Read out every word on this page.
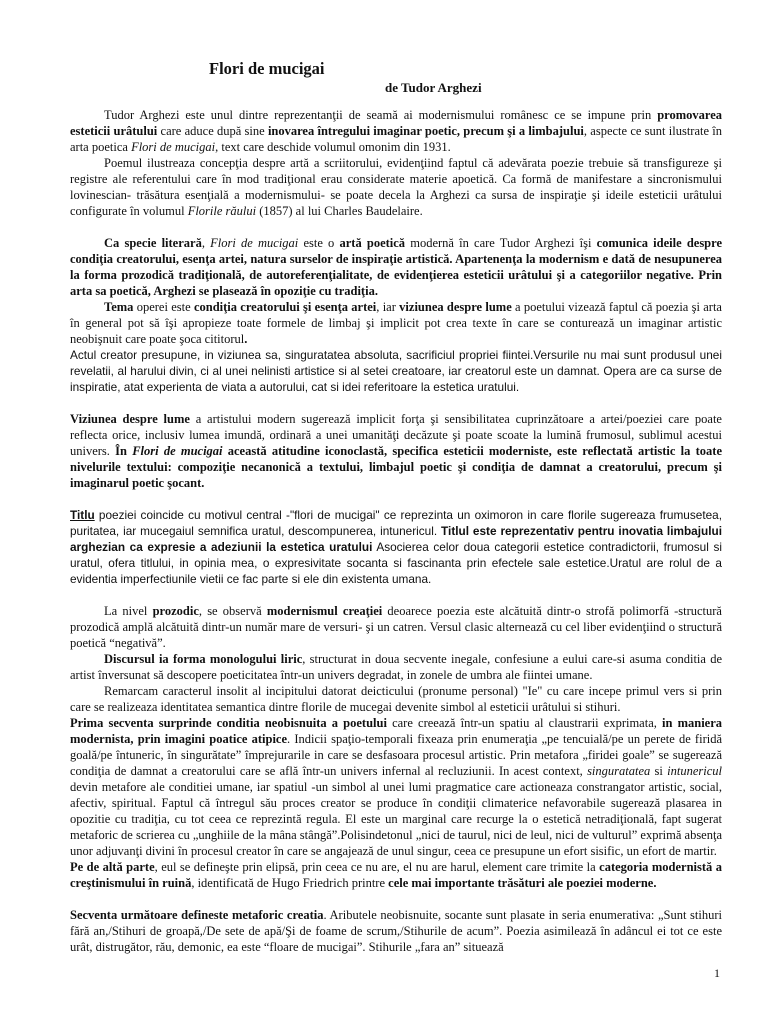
Flori de mucigai

de Tudor Arghezi

Tudor Arghezi este unul dintre reprezentanţii de seamă ai modernismului românesc ce se impune prin promovarea esteticii urâtului care aduce după sine inovarea întregului imaginar poetic, precum şi a limbajului, aspecte ce sunt ilustrate în arta poetica Flori de mucigai, text care deschide volumul omonim din 1931.

Poemul ilustreaza concepţia despre artă a scriitorului, evidenţiind faptul că adevărata poezie trebuie să transfigureze şi registre ale referentului care în mod tradiţional erau considerate materie apoetică. Ca formă de manifestare a sincronismului lovinescian- trăsătura esenţială a modernismului- se poate decela la Arghezi ca sursa de inspiraţie şi ideile esteticii urâtului configurate în volumul Florile răului (1857) al lui Charles Baudelaire.

Ca specie literară, Flori de mucigai este o artă poetică modernă în care Tudor Arghezi îşi comunica ideile despre condiţia creatorului, esenţa artei, natura surselor de inspiraţie artistică. Apartenenţa la modernism e dată de nesupunerea la forma prozodică tradiţională, de autoreferenţialitate, de evidenţierea esteticii urâtului şi a categoriilor negative. Prin arta sa poetică, Arghezi se plasează în opoziţie cu tradiţia.

Tema operei este condiţia creatorului şi esenţa artei, iar viziunea despre lume a poetului vizează faptul că poezia şi arta în general pot să îşi apropieze toate formele de limbaj şi implicit pot crea texte în care se conturează un imaginar artistic neobişnuit care poate şoca cititorul.

Actul creator presupune, in viziunea sa, singuratatea absoluta, sacrificiul propriei fiintei.Versurile nu mai sunt produsul unei revelatii, al harului divin, ci al unei nelinisti artistice si al setei creatoare, iar creatorul este un damnat. Opera are ca surse de inspiratie, atat experienta de viata a autorului, cat si idei referitoare la estetica uratului.

Viziunea despre lume a artistului modern sugerează implicit forţa şi sensibilitatea cuprinzătoare a artei/poeziei care poate reflecta orice, inclusiv lumea imundă, ordinară a unei umanităţi decăzute şi poate scoate la lumină frumosul, sublimul acestui univers. În Flori de mucigai această atitudine iconoclastă, specifica esteticii moderniste, este reflectată artistic la toate nivelurile textului: compoziţie necanonică a textului, limbajul poetic şi condiţia de damnat a creatorului, precum şi imaginarul poetic şocant.

Titlu poeziei coincide cu motivul central -"flori de mucigai" ce reprezinta un oximoron in care florile sugereaza frumusetea, puritatea, iar mucegaiul semnifica uratul, descompunerea, intunericul. Titlul este reprezentativ pentru inovatia limbajului arghezian ca expresie a adeziunii la estetica uratului Asocierea celor doua categorii estetice contradictorii, frumosul si uratul, ofera titlului, in opinia mea, o expresivitate socanta si fascinanta prin efectele sale estetice.Uratul are rolul de a evidentia imperfectiunile vietii ce fac parte si ele din existenta umana.

La nivel prozodic, se observă modernismul creaţiei deoarece poezia este alcătuită dintr-o strofă polimorfă -structură prozodică amplă alcătuită dintr-un număr mare de versuri- şi un catren. Versul clasic alternează cu cel liber evidenţiind o structură poetică “negativă”.

Discursul ia forma monologului liric, structurat in doua secvente inegale, confesiune a eului care-si asuma conditia de artist înversunat să descopere poeticitatea într-un univers degradat, in zonele de umbra ale fiintei umane.

Remarcam caracterul insolit al incipitului datorat deicticului (pronume personal) "Ie" cu care incepe primul vers si prin care se realizeaza identitatea semantica dintre florile de mucegai devenite simbol al esteticii urâtului si stihuri.

Prima secventa surprinde conditia neobisnuita a poetului care creează într-un spatiu al claustrarii exprimata, in maniera modernista, prin imagini poatice atipice. Indicii spaţio-temporali fixeaza prin enumeraţia „pe tencuială/pe un perete de firidă goală/pe întuneric, în singurătate” împrejurarile in care se desfasoara procesul artistic. Prin metafora „firidei goale” se sugerează condiţia de damnat a creatorului care se află într-un univers infernal al recluziunii. In acest context, singuratatea si intunericul devin metafore ale conditiei umane, iar spatiul -un simbol al unei lumi pragmatice care actioneaza constrangator artistic, social, afectiv, spiritual. Faptul că întregul său proces creator se produce în condiţii climaterice nefavorabile sugerează plasarea in opozitie cu tradiţia, cu tot ceea ce reprezintă regula. El este un marginal care recurge la o estetică netradiţională, fapt sugerat metaforic de scrierea cu „unghiile de la mâna stângă”.Polisindetonul „nici de taurul, nici de leul, nici de vulturul” exprimă absenţa unor adjuvanţi divini în procesul creator în care se angajează de unul singur, ceea ce presupune un efort sisific, un efort de martir.

Pe de altă parte, eul se defineşte prin elipsă, prin ceea ce nu are, el nu are harul, element care trimite la categoria modernistă a creştinismului în ruină, identificată de Hugo Friedrich printre cele mai importante trăsături ale poeziei moderne.

Secventa următoare defineste metaforic creatia. Aributele neobisnuite, socante sunt plasate in seria enumerativa: „Sunt stihuri fără an,/Stihuri de groapă,/De sete de apă/Şi de foame de scrum,/Stihurile de acum”. Poezia asimilează în adâncul ei tot ce este urât, distrugător, rău, demonic, ea este “floare de mucigai”. Stihurile „fara an” situează

1
